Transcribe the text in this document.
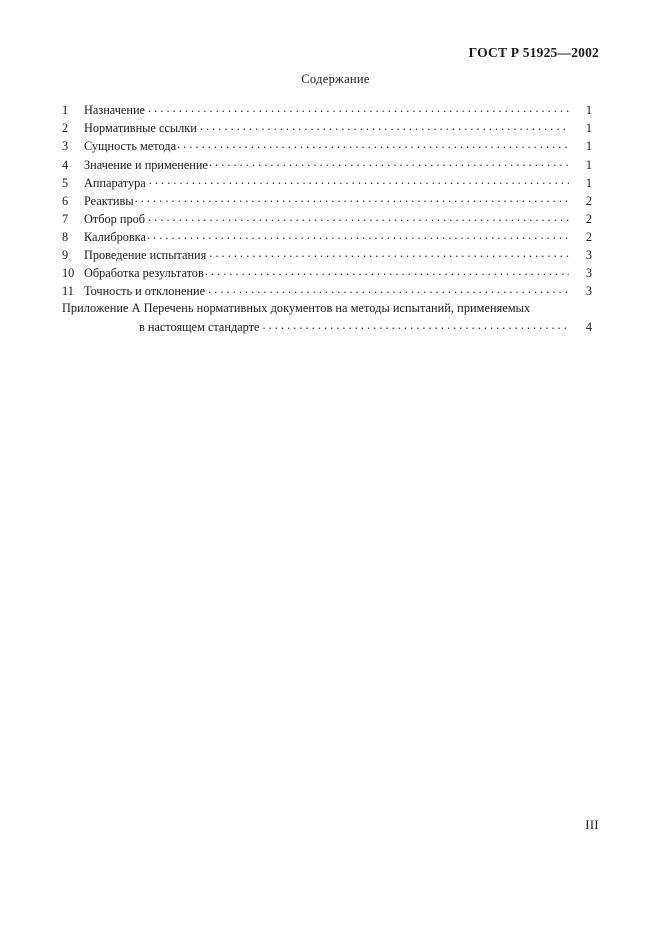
ГОСТ Р 51925—2002
Содержание
1	Назначение . . .	1
2	Нормативные ссылки . . .	1
3	Сущность метода . . .	1
4	Значение и применение . . .	1
5	Аппаратура . . .	1
6	Реактивы . . .	2
7	Отбор проб . . .	2
8	Калибровка . . .	2
9	Проведение испытания . . .	3
10 Обработка результатов . . .	3
11 Точность и отклонение . . .	3
Приложение А Перечень нормативных документов на методы испытаний, применяемых
в настоящем стандарте . . .	4
III
